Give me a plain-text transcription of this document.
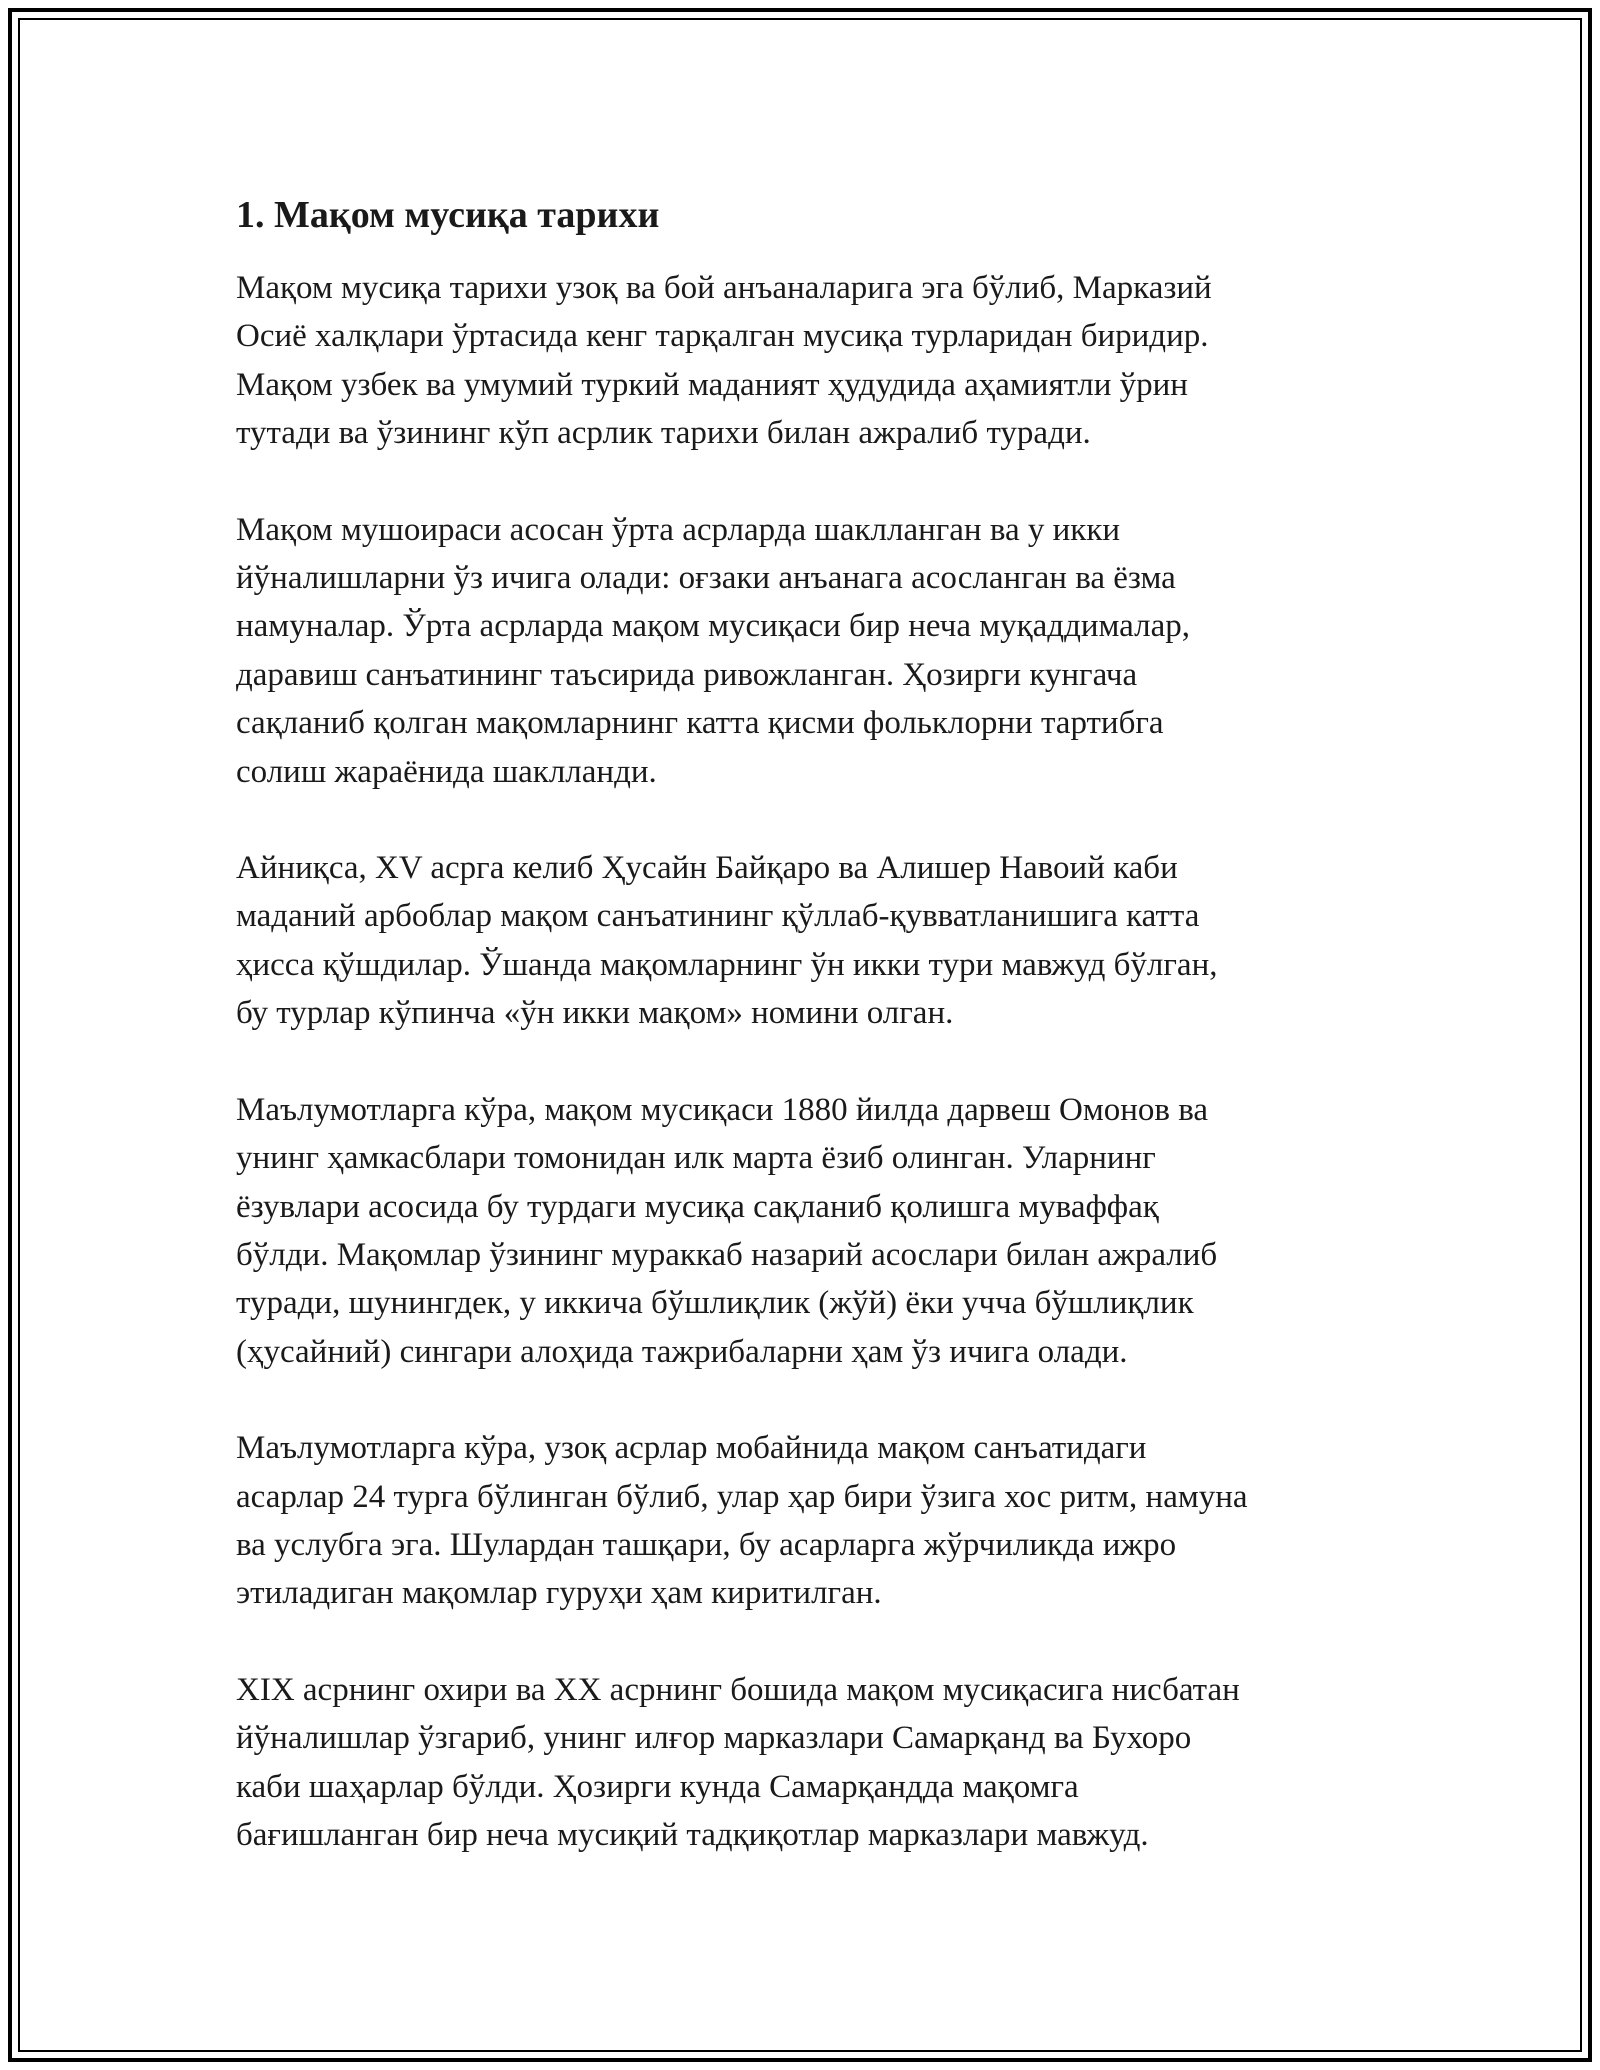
1. Мақом мусиқа тарихи

Мақом мусиқа тарихи узоқ ва бой анъаналарига эга бўлиб, Марказий
Осиё халқлари ўртасида кенг тарқалган мусиқа турларидан биридир.
Мақом узбек ва умумий туркий маданият ҳудудида аҳамиятли ўрин
тутади ва ўзининг кўп асрлик тарихи билан ажралиб туради.

Мақом мушоираси асосан ўрта асрларда шаклланган ва у икки
йўналишларни ўз ичига олади: оғзаки анъанага асосланган ва ёзма
намуналар. Ўрта асрларда мақом мусиқаси бир неча муқаддималар,
даравиш санъатининг таъсирида ривожланган. Ҳозирги кунгача
сақланиб қолган мақомларнинг катта қисми фольклорни тартибга
солиш жараёнида шаклланди.

Айниқса, XV асрга келиб Ҳусайн Байқаро ва Алишер Навоий каби
маданий арбоблар мақом санъатининг қўллаб-қувватланишига катта
ҳисса қўшдилар. Ўшанда мақомларнинг ўн икки тури мавжуд бўлган,
бу турлар кўпинча «ўн икки мақом» номини олган.

Маълумотларга кўра, мақом мусиқаси 1880 йилда дарвеш Омонов ва
унинг ҳамкасблари томонидан илк марта ёзиб олинган. Уларнинг
ёзувлари асосида бу турдаги мусиқа сақланиб қолишга муваффақ
бўлди. Мақомлар ўзининг мураккаб назарий асослари билан ажралиб
туради, шунингдек, у иккича бўшлиқлик (жўй) ёки учча бўшлиқлик
(ҳусайний) сингари алоҳида тажрибаларни ҳам ўз ичига олади.

Маълумотларга кўра, узоқ асрлар мобайнида мақом санъатидаги
асарлар 24 турга бўлинган бўлиб, улар ҳар бири ўзига хос ритм, намуна
ва услубга эга. Шулардан ташқари, бу асарларга жўрчиликда ижро
этиладиган мақомлар гуруҳи ҳам киритилган.

XIX асрнинг охири ва XX асрнинг бошида мақом мусиқасига нисбатан
йўналишлар ўзгариб, унинг илғор марказлари Самарқанд ва Бухоро
каби шаҳарлар бўлди. Ҳозирги кунда Самарқандда мақомга
бағишланган бир неча мусиқий тадқиқотлар марказлари мавжуд.
